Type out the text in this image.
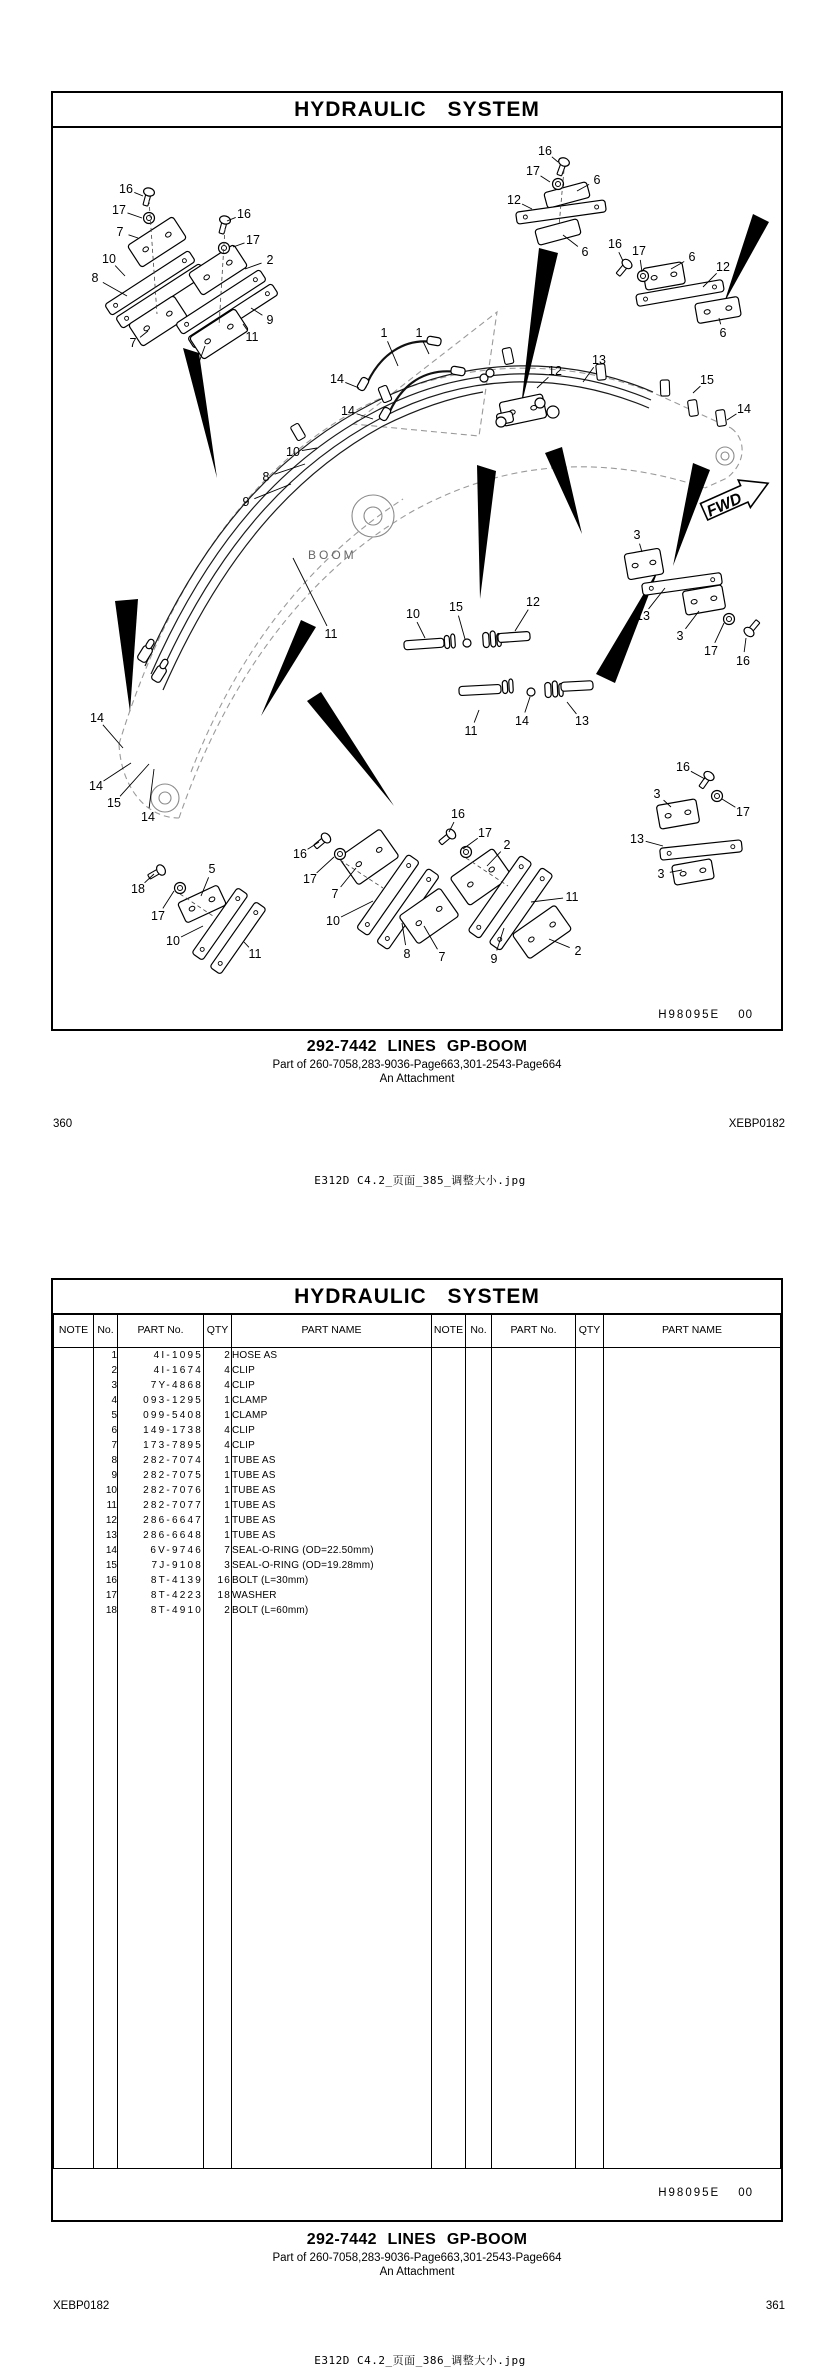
HYDRAULIC SYSTEM
FWD
BOOM
16
17
7
10
8
7
2
16
17
2
9
11	1 1
14
14
12
13
16
17
6
12
6
16 17	6
12
6
15
14
10
8
9
11
14
14
15
14
10 15	12
11
14	13
3
13
3
17
16
16
3
17
13
3
18
17
5
10
11
16
17
7
10
8 7
16
17
2
11
9
2
H98095E 00
292-7442 LINES GP-BOOM
Part of 260-7058,283-9036-Page663,301-2543-Page664
An Attachment
360	XEBP0182
E312D C4.2_页面_385_调整大小.jpg
HYDRAULIC SYSTEM
NOTE	No.	PART No.	QTY	PART NAME	NOTE	No.	PART No.	QTY	PART NAME
	1	4I-1095	2	HOSE AS					
	2	4I-1674	4	CLIP					
	3	7Y-4868	4	CLIP					
	4	093-1295	1	CLAMP					
	5	099-5408	1	CLAMP					
	6	149-1738	4	CLIP					
	7	173-7895	4	CLIP					
	8	282-7074	1	TUBE AS					
	9	282-7075	1	TUBE AS					
	10	282-7076	1	TUBE AS					
	11	282-7077	1	TUBE AS					
	12	286-6647	1	TUBE AS					
	13	286-6648	1	TUBE AS					
	14	6V-9746	7	SEAL-O-RING (OD=22.50mm)					
	15	7J-9108	3	SEAL-O-RING (OD=19.28mm)					
	16	8T-4139	16	BOLT (L=30mm)					
	17	8T-4223	18	WASHER					
	18	8T-4910	2	BOLT (L=60mm)					

H98095E 00
292-7442 LINES GP-BOOM
Part of 260-7058,283-9036-Page663,301-2543-Page664
An Attachment
XEBP0182	361
E312D C4.2_页面_386_调整大小.jpg
